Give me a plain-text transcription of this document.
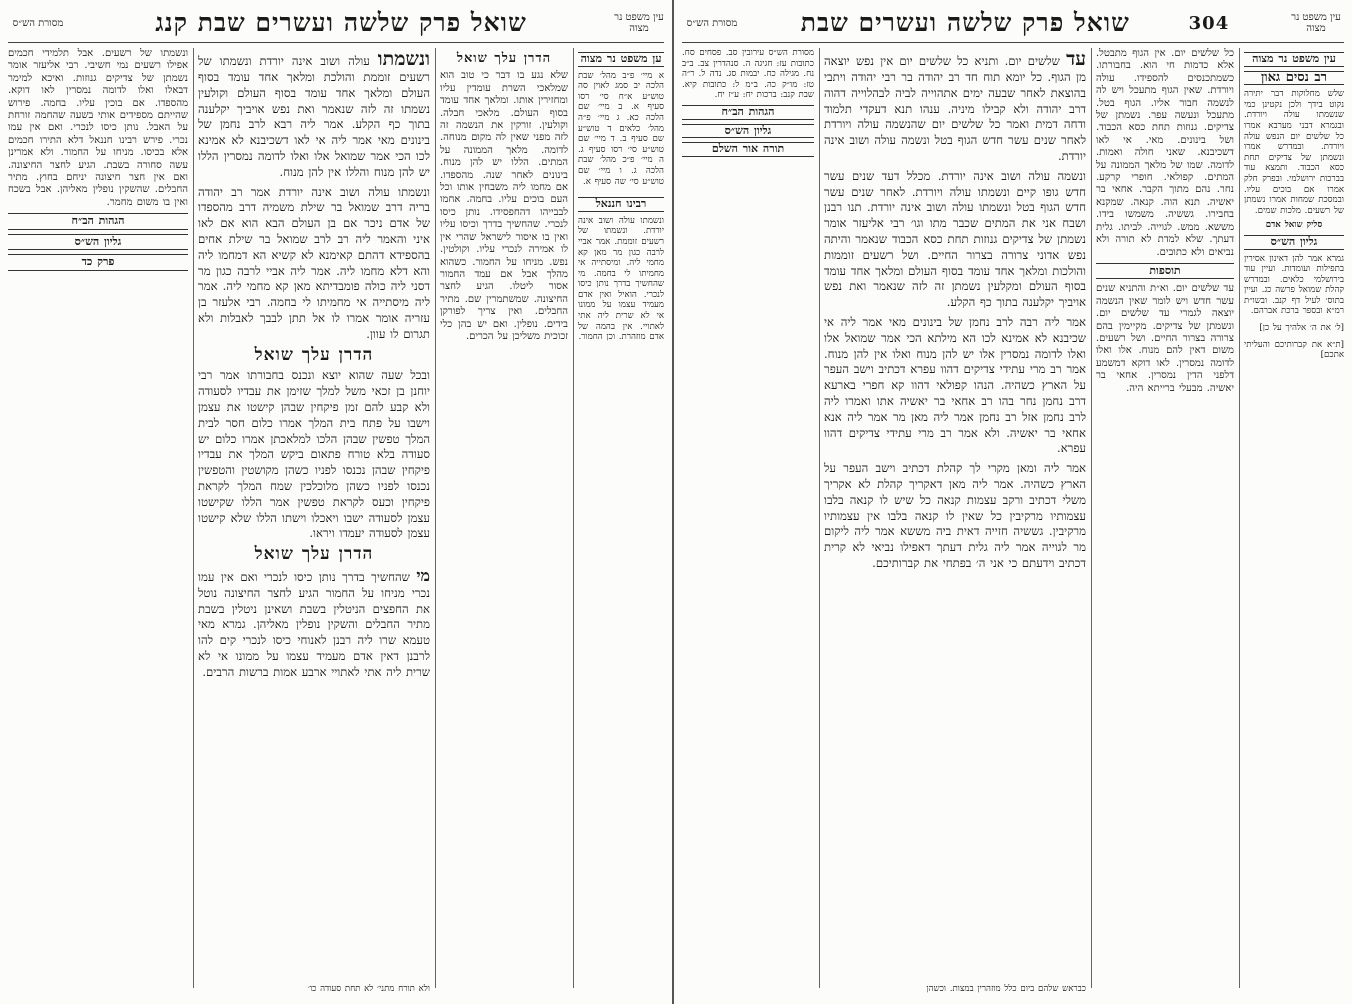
עין משפט נר מצוה
שואל פרק שלשה ועשרים שבת קנג
מסורת הש״ס
ען משפט נר מצוה
א מיי׳ פ״ב מהל׳ שבת הלכה יב סמג לאוין סה טוש״ע א״ח סי׳ רסו סעיף א. ב מיי׳ שם הלכה כא. ג מיי׳ פ״ה מהל׳ כלאים ד טוש״ע שם סעיף ב. ד מיי׳ שם טוש״ע סי׳ רסו סעיף ג. ה מיי׳ פ״כ מהל׳ שבת הלכה ג. ו מיי׳ שם טוש״ע סי׳ שה סעיף א.
רבינו חננאל
ונשמתו עולה ושוב אינה יורדת. ונשמתו של רשעים זוממת. אמר אביי לרבה כגון מר מאן קא מחמי ליה. ומיסתייה אי מחמיתו לי בחמה. מי שהחשיך בדרך נותן כיסו לנכרי. הואיל ואין אדם מעמיד עצמו על ממונו אי לא שרית ליה אתי לאתויי. אין בהמה של אדם מוזהרת. וכן החמור.
הדרן עלך שואל
שלא נגע בו דבר כי טוב הוא שמלאכי השרת עומדין עליו ומחזירין אותו. ומלאך אחד עומד בסוף העולם. מלאכי חבלה. וקולעין. זורקין את הנשמה זה לזה מפני שאין לה מקום מנוחה. לדומה. מלאך הממונה על המתים. הללו יש להן מנוח. בינונים לאחר שנה. מהספדו. אם מחמו ליה משבחין אותו וכל העם בוכים עליו. בחמה. אחמו לבבייהו דהחפסידו. נותן כיסו לנכרי. שהחשיך בדרך וכיסו עליו ואין בו איסור לישראל שהרי אין לו אמירה לנכרי עליו. וקולטין. נפש. מניחו על החמור. כשהוא מהלך אבל אם עמד החמור אסור ליטלו. הגיע לחצר החיצונה. שמשתמרין שם. מתיר החבלים. ואין צריך לפורקן בידים. נופלין. ואם יש בהן כלי זכוכית משליכן על הכרים.
ונשמתו עולה ושוב אינה יורדת ונשמתו של רשעים זוממת והולכת ומלאך אחד עומד בסוף העולם ומלאך אחד עומד בסוף העולם וקולעין נשמתו זה לזה שנאמר ואת נפש אויביך יקלענה בתוך כף הקלע. אמר ליה רבא לרב נחמן של בינונים מאי אמר ליה אי לאו דשכיבנא לא אמינא לכו הכי אמר שמואל אלו ואלו לדומה נמסרין הללו יש להן מנוח והללו אין להן מנוח.

ונשמתו עולה ושוב אינה יורדת אמר רב יהודה בריה דרב שמואל בר שילת משמיה דרב מהספדו של אדם ניכר אם בן העולם הבא הוא אם לאו איני והאמר ליה רב לרב שמואל בר שילת אחים בהספידא דהתם קאימנא לא קשיא הא דמחמו ליה והא דלא מחמו ליה. אמר ליה אביי לרבה כגון מר דסני ליה כולה פומבדיתא מאן קא מחמי ליה. אמר ליה מיסתייה אי מחמיתו לי בחמה. רבי אלעזר בן עזריה אומר אמרו לו אל תתן לבבך לאבלות ולא תגרום לו עוון.

הדרן עלך שואל

ובכל שעה שהוא יוצא ונכנס בחבורתו אמר רבי יוחנן בן זכאי משל למלך שזימן את עבדיו לסעודה ולא קבע להם זמן פיקחין שבהן קישטו את עצמן וישבו על פתח בית המלך אמרו כלום חסר לבית המלך טפשין שבהן הלכו למלאכתן אמרו כלום יש סעודה בלא טורח פתאום ביקש המלך את עבדיו פיקחין שבהן נכנסו לפניו כשהן מקושטין והטפשין נכנסו לפניו כשהן מלוכלכין שמח המלך לקראת פיקחין וכעס לקראת טפשין אמר הללו שקישטו עצמן לסעודה ישבו ויאכלו וישתו הללו שלא קישטו עצמן לסעודה יעמדו ויראו.

הדרן עלך שואל
מי שהחשיך בדרך נותן כיסו לנכרי ואם אין עמו נכרי מניחו על החמור הגיע לחצר החיצונה נוטל את החפצים הניטלין בשבת ושאינן ניטלין בשבת מתיר החבלים והשקין נופלין מאליהן. גמרא מאי טעמא שרו ליה רבנן לאנוחי כיסו לנכרי קים להו לרבנן דאין אדם מעמיד עצמו על ממונו אי לא שרית ליה אתי לאתויי ארבע אמות ברשות הרבים.
ונשמתו של רשעים. אבל תלמידי חכמים אפילו רשעים נמי חשיבי. רבי אליעזר אומר נשמתן של צדיקים גנוזות. ואיכא למימר דבאלו ואלו לדומה נמסרין לאו דוקא. מהספדו. אם בוכין עליו. בחמה. פירוש שהייתם מספידים אותי בשעה שהחמה זורחת על האבל. נותן כיסו לנכרי. ואם אין עמו נכרי. פירש רבינו חננאל דלא התירו חכמים אלא בכיסו. מניחו על החמור. ולא אמרינן עשה סחורה בשבת. הגיע לחצר החיצונה. ואם אין חצר חיצונה יניחם בחוץ. מתיר החבלים. שהשקין נופלין מאליהן. אבל בשכח ואין בו משום מחמר.
הגהות הב״ח
גליון הש״ס
פרק כד
ולא תורח מתני׳ לא תחת סעודה כו׳
עין משפט נר מצוה
304
שואל פרק שלשה ועשרים שבת
מסורת הש״ס
עין משפט נר מצוה
רב נסים גאון
שלש מחלוקות דבר יתירה נקוט בידך ולכן נקטינן כמי שנשמתו עולה ויורדת. ובגמרא דבני מערבא אמרו כל שלשים יום הנפש עולה ויורדת. ובמדרש אמרו ונשמתן של צדיקים תחת כסא הכבוד. ותמצא עוד בברכות ירושלמי. ובפרק חלק אמרו אם בוכים עליו. ובמסכת שמחות אמרו נשמתן של רשעים. מלכות שמים.
סליק שואל אדם
גליון הש״ס
גמרא אמר להן דאינון אסירין בתפילות ועומדות. ועיין עוד בירושלמי כלאים. ובמדרש קהלת שמואל פרשה כג. ועיין בתוס׳ לעיל דף קנב. ובשו״ת רמ״א ובספר ברכת אברהם.
[ל׳ את ה׳ אלהיך על כן]
[ת״א את קברותיכם והעליתי אתכם]
כל שלשים יום. אין הגוף מתבטל. אלא כדמות חי הוא. בחבורתו. כשמתכנסים להספידו. עולה ויורדת. שאין הגוף מתעכל ויש לה לנשמה חבור אליו. הגוף בטל. מתעכל ונעשה עפר. נשמתן של צדיקים. גנוזות תחת כסא הכבוד. ושל בינונים. מאי. אי לאו דשכיבנא. שאני חולה ואמות. לדומה. שמו של מלאך הממונה על המתים. קפולאי. חופרי קרקע. נחר. נהם מתוך הקבר. אחאי בר יאשיה. תנא הוה. קנאה. שמקנא בחבירו. גששיה. משמשו בידו. מששא. ממש. לגוייה. לביתו. גלית דעתך. שלא למדת לא תורה ולא נביאים ולא כתובים.
תוספות
עד שלשים יום. וא״ת והתניא שנים עשר חדש ויש לומר שאין הנשמה יוצאה לגמרי עד שלשים יום. ונשמתן של צדיקים. מקיימין בהם צרורה בצרור החיים. ושל רשעים. משום דאין להם מנוח. אלו ואלו לדומה נמסרין. לאו דוקא דמשמע דלפני הדין נמסרין. אחאי בר יאשיה. מבעלי ברייתא היה.
עד שלשים יום. ותניא כל שלשים יום אין נפש יוצאה מן הגוף. כל יומא תוח חד רב יהודה בר רבי יהודה ויתבי בהוצאת לאחר שבעה ימים אתהוייה לביה לבהלוייה דהוה דרב יהודה ולא קבילו מיניה. ענהו תנא דעקדי תלמוד ודחה דמית ואמר כל שלשים יום שהנשמה עולה ויורדת לאחר שנים עשר חדש הגוף בטל ונשמה עולה ושוב אינה יורדת.

ונשמה עולה ושוב אינה יורדת. מכלל דעד שנים עשר חדש גופו קיים ונשמתו עולה ויורדת. לאחר שנים עשר חדש הגוף בטל ונשמתו עולה ושוב אינה יורדת. תנו רבנן ושבח אני את המתים שכבר מתו וגו׳ רבי אליעזר אומר נשמתן של צדיקים גנוזות תחת כסא הכבוד שנאמר והיתה נפש אדוני צרורה בצרור החיים. ושל רשעים זוממות והולכות ומלאך אחד עומד בסוף העולם ומלאך אחד עומד בסוף העולם ומקלעין נשמתן זה לזה שנאמר ואת נפש אויביך יקלענה בתוך כף הקלע.

אמר ליה רבה לרב נחמן של בינונים מאי אמר ליה אי שכיבנא לא אמינא לכו הא מילתא הכי אמר שמואל אלו ואלו לדומה נמסרין אלו יש להן מנוח ואלו אין להן מנוח. אמר רב מרי עתידי צדיקים דהוו עפרא דכתיב וישב העפר על הארץ כשהיה. הנהו קפולאי דהוו קא חפרי בארעא דרב נחמן נחר בהו רב אחאי בר יאשיה אתו ואמרו ליה לרב נחמן אזל רב נחמן אמר ליה מאן מר אמר ליה אנא אחאי בר יאשיה. ולא אמר רב מרי עתידי צדיקים דהוו עפרא.

אמר ליה ומאן מקרי לך קהלת דכתיב וישב העפר על הארץ כשהיה. אמר ליה מאן דאקריך קהלת לא אקריך משלי דכתיב ורקב עצמות קנאה כל שיש לו קנאה בלבו עצמותיו מרקיבין כל שאין לו קנאה בלבו אין עצמותיו מרקיבין. גששיה חזייה דאית ביה מששא אמר ליה ליקום מר לגוייה אמר ליה גלית דעתך דאפילו נביאי לא קרית דכתיב וידעתם כי אני ה׳ בפתחי את קברותיכם.

מסורת הש״ס עירובין סב. פסחים סח. כתובות עז: חגיגה ה. סנהדרין צב. ב״ב נח. מגילה כח. יבמות סג. נדה ל. ר״ה טז: מו״ק כה. ב״מ ל: כתובות קיא. שבת קנב: ברכות יח: ע״ז יח.
הגהות הב״ח
גליון הש״ס
תורה אור השלם
כבראש שלהם ביום כלל מוזהרין במצות. וכשהן
